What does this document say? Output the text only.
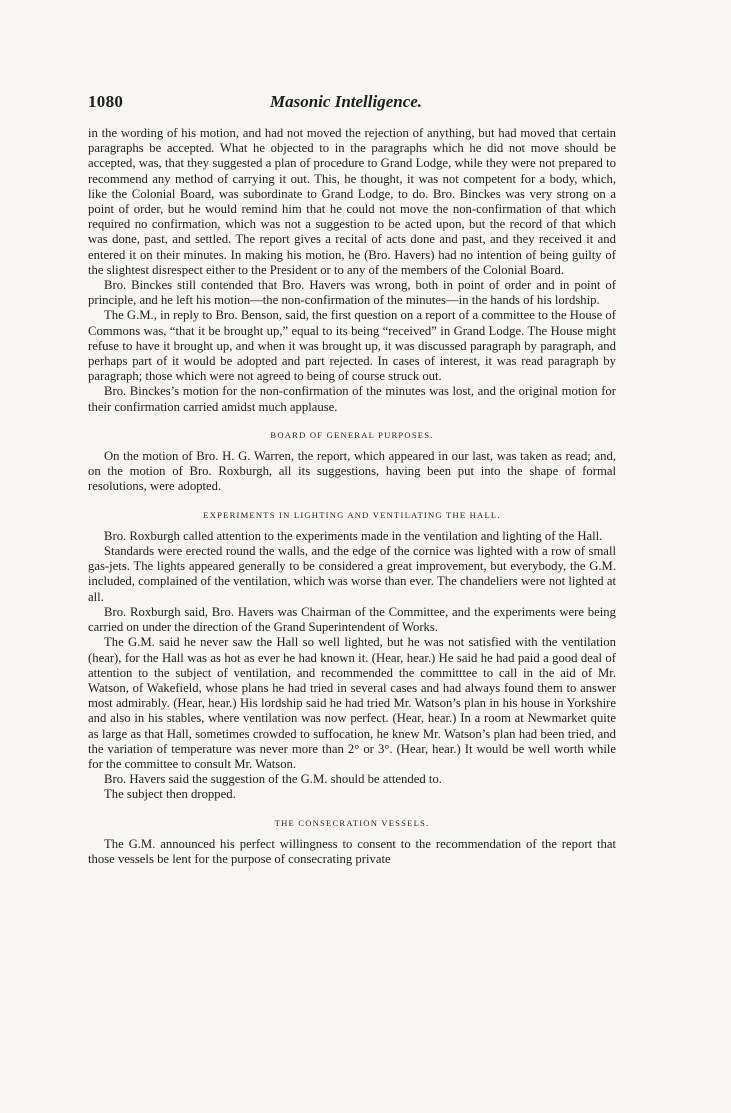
1080	Masonic Intelligence.

in the wording of his motion, and had not moved the rejection of anything, but had moved that certain paragraphs be accepted. What he objected to in the paragraphs which he did not move should be accepted, was, that they suggested a plan of procedure to Grand Lodge, while they were not prepared to recommend any method of carrying it out. This, he thought, it was not competent for a body, which, like the Colonial Board, was subordinate to Grand Lodge, to do. Bro. Binckes was very strong on a point of order, but he would remind him that he could not move the non-confirmation of that which required no confirmation, which was not a suggestion to be acted upon, but the record of that which was done, past, and settled. The report gives a recital of acts done and past, and they received it and entered it on their minutes. In making his motion, he (Bro. Havers) had no intention of being guilty of the slightest disrespect either to the President or to any of the members of the Colonial Board.

Bro. Binckes still contended that Bro. Havers was wrong, both in point of order and in point of principle, and he left his motion—the non-confirmation of the minutes—in the hands of his lordship.

The G.M., in reply to Bro. Benson, said, the first question on a report of a committee to the House of Commons was, “that it be brought up,” equal to its being “received” in Grand Lodge. The House might refuse to have it brought up, and when it was brought up, it was discussed paragraph by paragraph, and perhaps part of it would be adopted and part rejected. In cases of interest, it was read paragraph by paragraph; those which were not agreed to being of course struck out.

Bro. Binckes’s motion for the non-confirmation of the minutes was lost, and the original motion for their confirmation carried amidst much applause.

BOARD OF GENERAL PURPOSES.

On the motion of Bro. H. G. Warren, the report, which appeared in our last, was taken as read; and, on the motion of Bro. Roxburgh, all its suggestions, having been put into the shape of formal resolutions, were adopted.

EXPERIMENTS IN LIGHTING AND VENTILATING THE HALL.

Bro. Roxburgh called attention to the experiments made in the ventilation and lighting of the Hall.

Standards were erected round the walls, and the edge of the cornice was lighted with a row of small gas-jets. The lights appeared generally to be considered a great improvement, but everybody, the G.M. included, complained of the ventilation, which was worse than ever. The chandeliers were not lighted at all.

Bro. Roxburgh said, Bro. Havers was Chairman of the Committee, and the experiments were being carried on under the direction of the Grand Superintendent of Works.

The G.M. said he never saw the Hall so well lighted, but he was not satisfied with the ventilation (hear), for the Hall was as hot as ever he had known it. (Hear, hear.) He said he had paid a good deal of attention to the subject of ventilation, and recommended the committtee to call in the aid of Mr. Watson, of Wakefield, whose plans he had tried in several cases and had always found them to answer most admirably. (Hear, hear.) His lordship said he had tried Mr. Watson’s plan in his house in Yorkshire and also in his stables, where ventilation was now perfect. (Hear, hear.) In a room at Newmarket quite as large as that Hall, sometimes crowded to suffocation, he knew Mr. Watson’s plan had been tried, and the variation of temperature was never more than 2° or 3°. (Hear, hear.) It would be well worth while for the committee to consult Mr. Watson.

Bro. Havers said the suggestion of the G.M. should be attended to.

The subject then dropped.

THE CONSECRATION VESSELS.

The G.M. announced his perfect willingness to consent to the recommendation of the report that those vessels be lent for the purpose of consecrating private
